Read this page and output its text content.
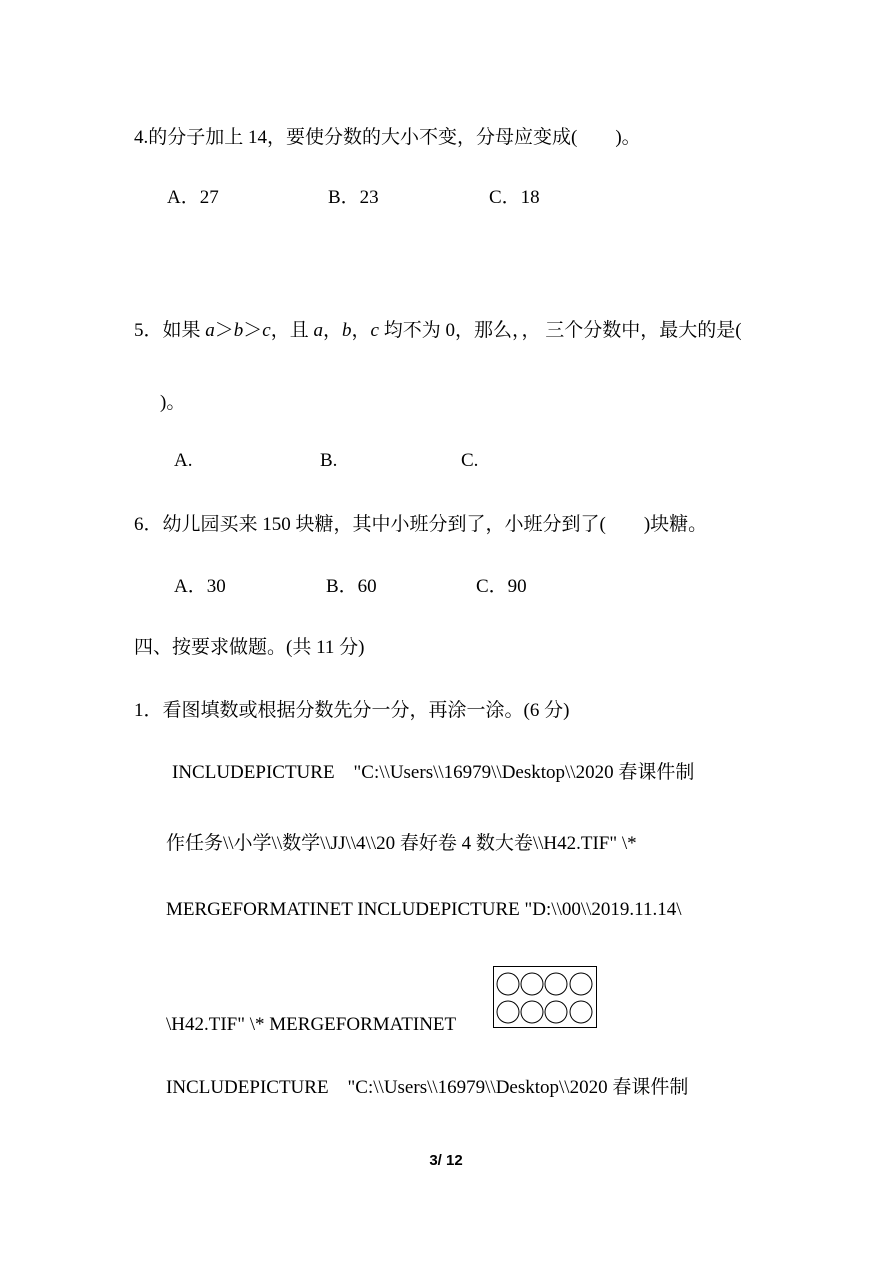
4.的分子加上 14，要使分数的大小不变，分母应变成(　　)。
A．27	B．23	C．18
5．如果 a＞b＞c，且 a，b，c 均不为 0，那么，， 三个分数中，最大的是(
)。
A.	B.	C.
6．幼儿园买来 150 块糖，其中小班分到了，小班分到了(　　)块糖。
A．30	B．60	C．90
四、按要求做题。(共 11 分)
1．看图填数或根据分数先分一分，再涂一涂。(6 分)
INCLUDEPICTURE　"C:\\Users\\16979\\Desktop\\2020 春课件制
作任务\\小学\\数学\\JJ\\4\\20 春好卷 4 数大卷\\H42.TIF" \*
MERGEFORMATINET INCLUDEPICTURE "D:\\00\\2019.11.14\
\H42.TIF" \* MERGEFORMATINET
INCLUDEPICTURE　"C:\\Users\\16979\\Desktop\\2020 春课件制
3/ 12
